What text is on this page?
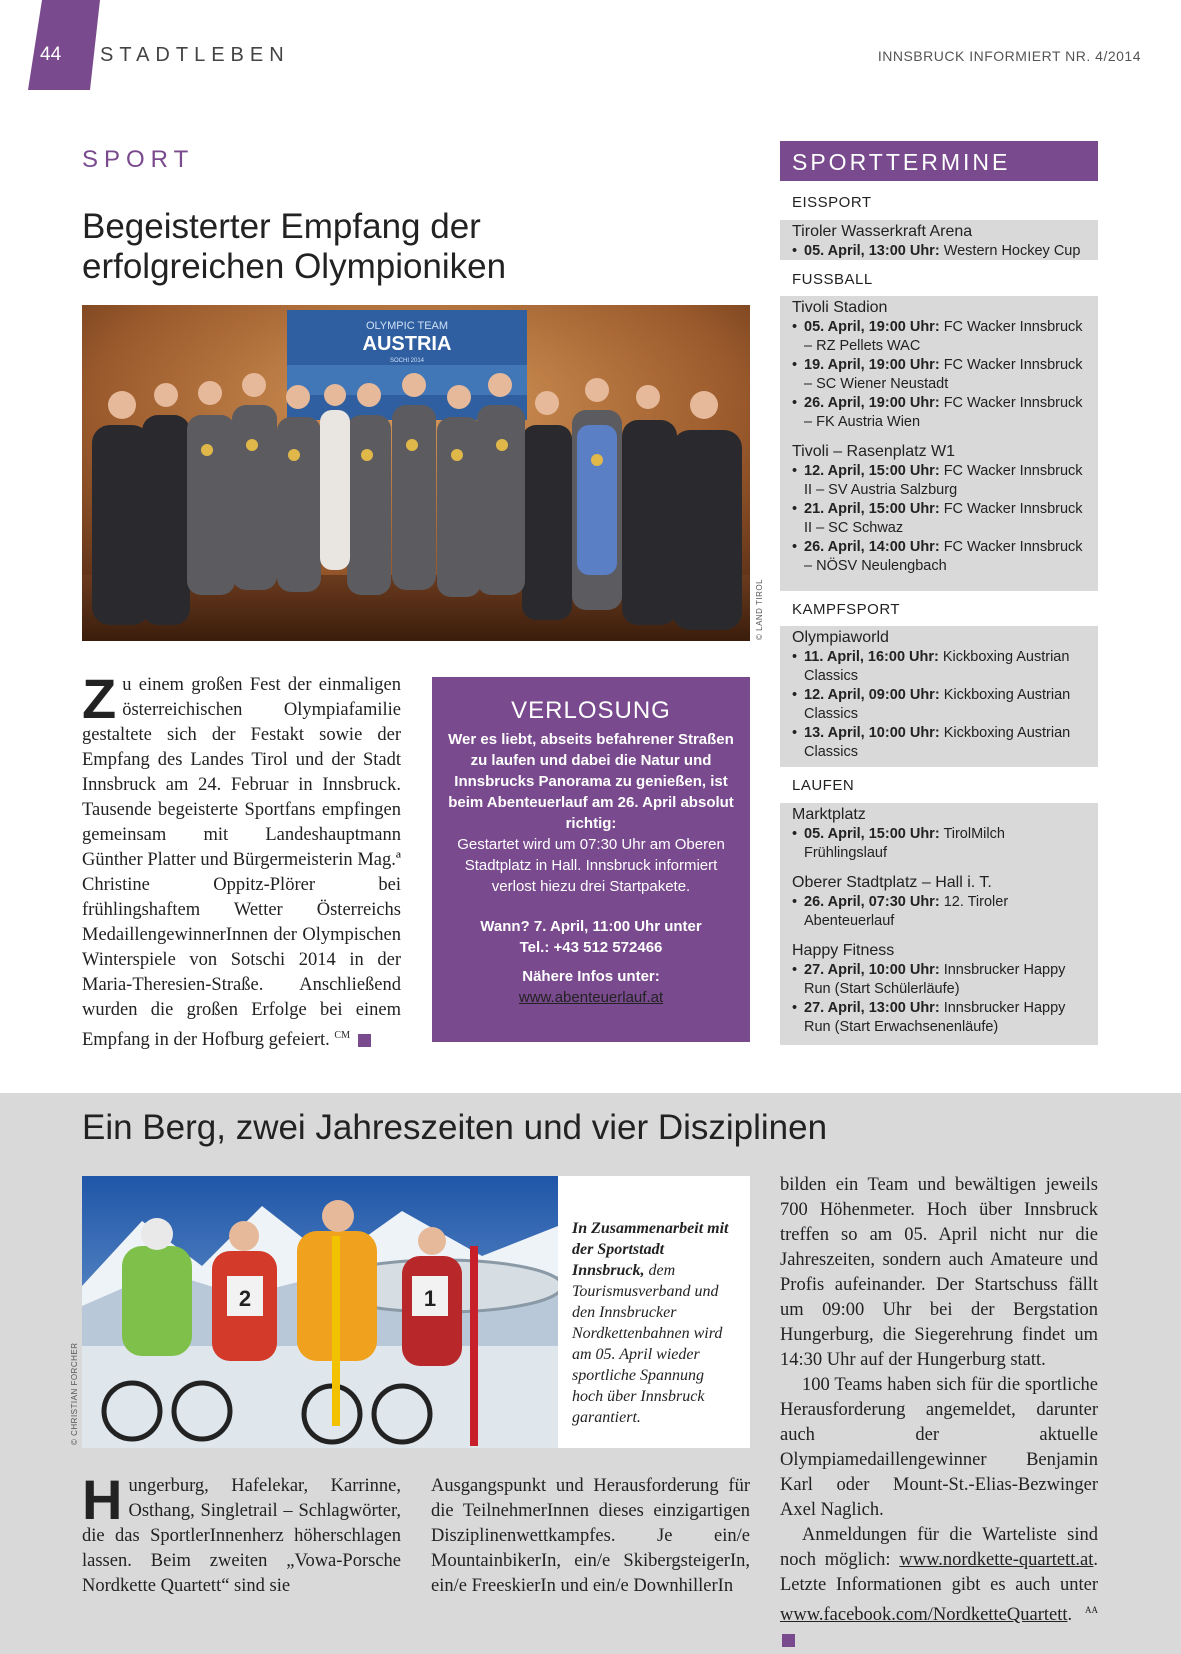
44 STADTLEBEN	INNSBRUCK INFORMIERT NR. 4/2014
SPORT
Begeisterter Empfang der
erfolgreichen Olympioniken
OLYMPIC TEAM
AUSTRIA
SOCHI 2014
© LAND TIROL
Zu einem großen Fest der einmaligen österreichischen Olympiafamilie gestaltete sich der Festakt sowie der Empfang des Landes Tirol und der Stadt Innsbruck am 24. Februar in Innsbruck. Tausende begeisterte Sportfans empfingen gemeinsam mit Landeshauptmann Günther Platter und Bürgermeisterin Mag.ª Christine Oppitz-Plörer bei frühlingshaftem Wetter Österreichs MedaillengewinnerInnen der Olympischen Winterspiele von Sotschi 2014 in der Maria-Theresien-Straße. Anschließend wurden die großen Erfolge bei einem Empfang in der Hofburg gefeiert. $^{CM}$
VERLOSUNG

Wer es liebt, abseits befahrener Straßen zu laufen und dabei die Natur und Innsbrucks Panorama zu genießen, ist beim Abenteuerlauf am 26. April absolut richtig:

Gestartet wird um 07:30 Uhr am Oberen Stadtplatz in Hall. Innsbruck informiert verlost hiezu drei Startpakete.

Wann? 7. April, 11:00 Uhr unter

Tel.: +43 512 572466

Nähere Infos unter:

www.abenteuerlauf.at

SPORTTERMINE
EISSPORT
Tiroler Wasserkraft Arena
• 05. April, 13:00 Uhr: Western Hockey Cup
FUSSBALL
Tivoli Stadion
• 05. April, 19:00 Uhr: FC Wacker Innsbruck – RZ Pellets WAC
• 19. April, 19:00 Uhr: FC Wacker Innsbruck – SC Wiener Neustadt
• 26. April, 19:00 Uhr: FC Wacker Innsbruck – FK Austria Wien
Tivoli – Rasenplatz W1
• 12. April, 15:00 Uhr: FC Wacker Innsbruck II – SV Austria Salzburg
• 21. April, 15:00 Uhr: FC Wacker Innsbruck II – SC Schwaz
• 26. April, 14:00 Uhr: FC Wacker Innsbruck – NÖSV Neulengbach
KAMPFSPORT
Olympiaworld
• 11. April, 16:00 Uhr: Kickboxing Austrian Classics
• 12. April, 09:00 Uhr: Kickboxing Austrian Classics
• 13. April, 10:00 Uhr: Kickboxing Austrian Classics
LAUFEN
Marktplatz
• 05. April, 15:00 Uhr: TirolMilch Frühlingslauf
Oberer Stadtplatz – Hall i. T.
• 26. April, 07:30 Uhr: 12. Tiroler Abenteuerlauf
Happy Fitness
• 27. April, 10:00 Uhr: Innsbrucker Happy Run (Start Schülerläufe)
• 27. April, 13:00 Uhr: Innsbrucker Happy Run (Start Erwachsenenläufe)
Ein Berg, zwei Jahreszeiten und vier Disziplinen
2	1
© CHRISTIAN FORCHER
In Zusammenarbeit mit der Sportstadt Innsbruck, dem Tourismusverband und den Innsbrucker Nordkettenbahnen wird am 05. April wieder sportliche Spannung hoch über Innsbruck garantiert.
Hungerburg, Hafelekar, Karrinne, Osthang, Singletrail – Schlagwörter, die das SportlerInnenherz höherschlagen lassen. Beim zweiten „Vowa-Porsche Nordkette Quartett“ sind sie
Ausgangspunkt und Herausforderung für die TeilnehmerInnen dieses einzigartigen Disziplinenwettkampfes. Je ein/e MountainbikerIn, ein/e SkibergsteigerIn, ein/e FreeskierIn und ein/e DownhillerIn
bilden ein Team und bewältigen jeweils 700 Höhenmeter. Hoch über Innsbruck treffen so am 05. April nicht nur die Jahreszeiten, sondern auch Amateure und Profis aufeinander. Der Startschuss fällt um 09:00 Uhr bei der Bergstation Hungerburg, die Siegerehrung findet um 14:30 Uhr auf der Hungerburg statt.
100 Teams haben sich für die sportliche Herausforderung angemeldet, darunter auch der aktuelle Olympiamedaillengewinner Benjamin Karl oder Mount-St.-Elias-Bezwinger Axel Naglich.
Anmeldungen für die Warteliste sind noch möglich: www.nordkette-quartett.at. Letzte Informationen gibt es auch unter www.facebook.com/NordketteQuartett. $^{AA}$
